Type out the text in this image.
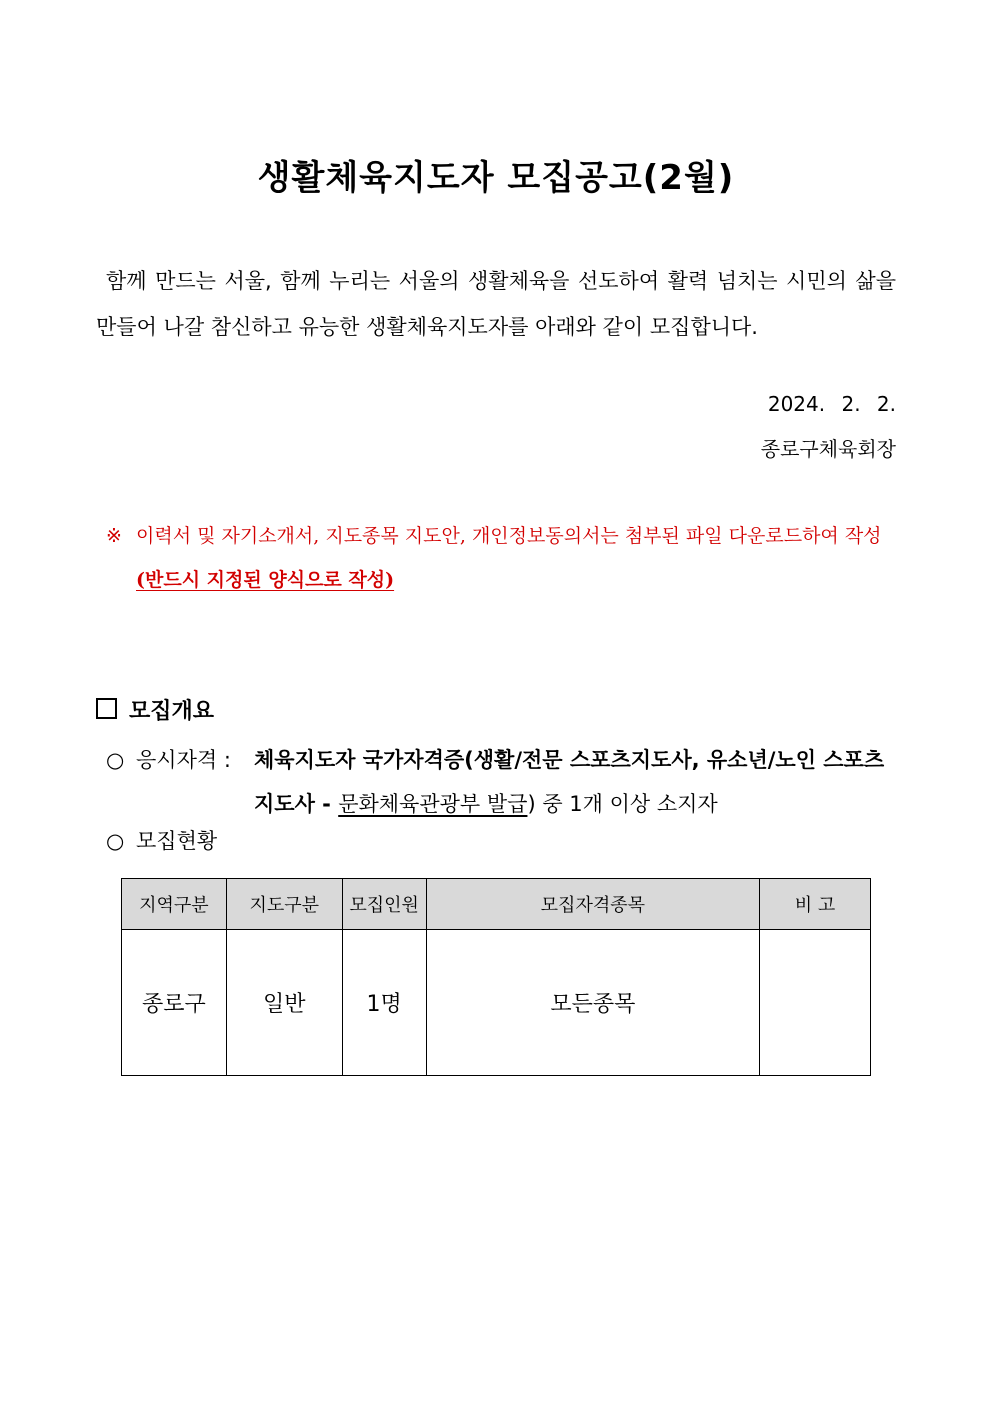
생활체육지도자 모집공고(2월)
함께 만드는 서울, 함께 누리는 서울의 생활체육을 선도하여 활력 넘치는 시민의 삶을 만들어 나갈 참신하고 유능한 생활체육지도자를 아래와 같이 모집합니다.
2024. 2. 2.
종로구체육회장
※ 이력서 및 자기소개서, 지도종목 지도안, 개인정보동의서는 첨부된 파일 다운로드하여 작성 (반드시 지정된 양식으로 작성)
모집개요
○ 응시자격 :	체육지도자 국가자격증(생활/전문 스포츠지도사, 유소년/노인 스포츠지도사 - 문화체육관광부 발급) 중 1개 이상 소지자
○ 모집현황
지역구분	지도구분	모집인원	모집자격종목	비 고
종로구	일반	1명	모든종목	
